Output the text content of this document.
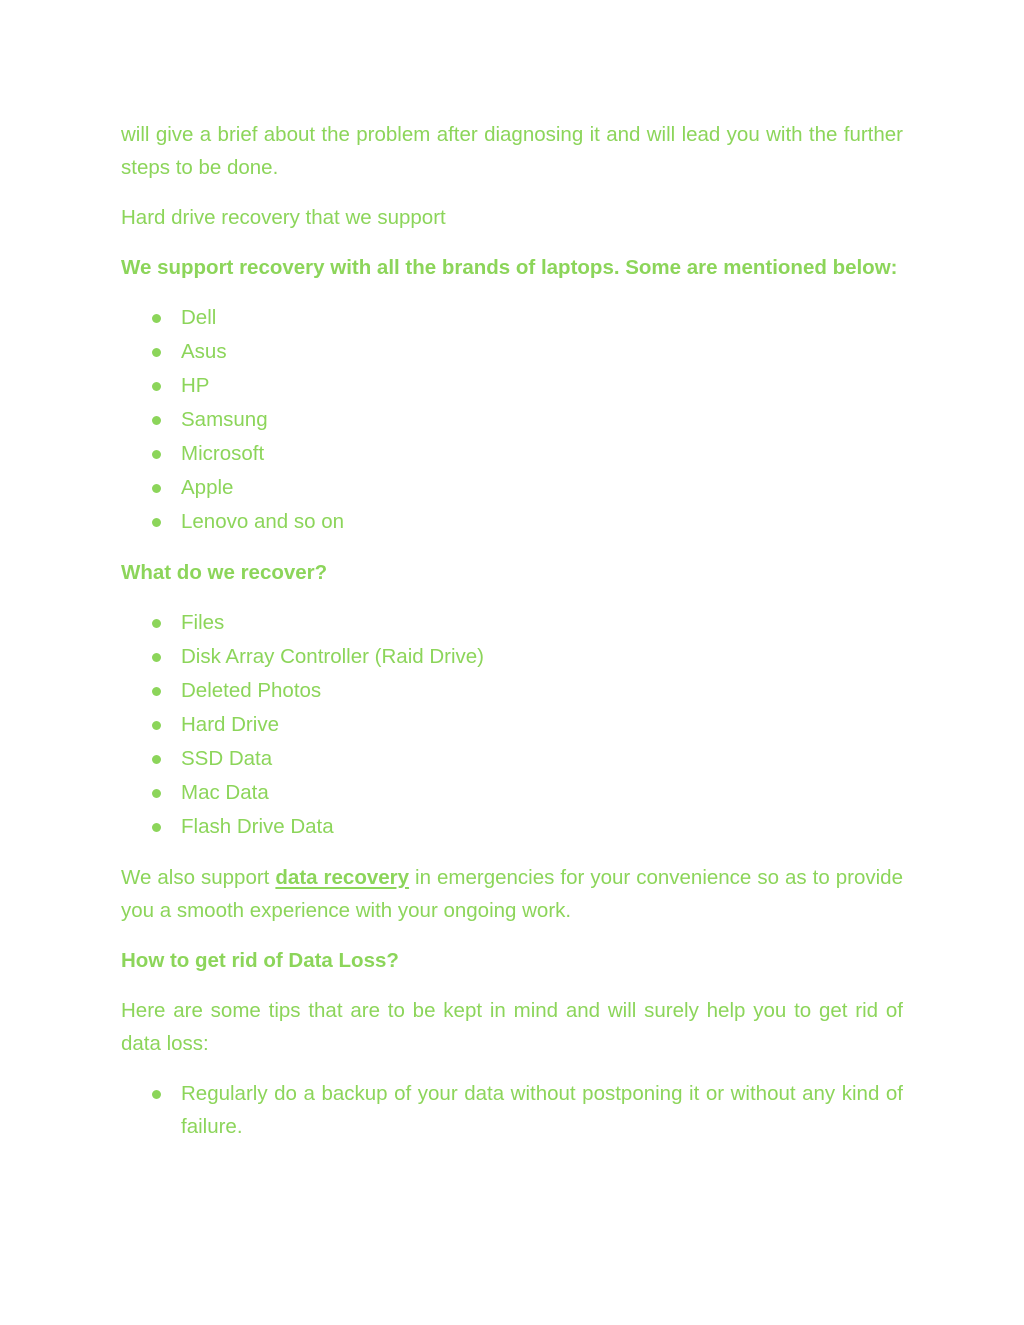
will give a brief about the problem after diagnosing it and will lead you with the further steps to be done.

Hard drive recovery that we support

We support recovery with all the brands of laptops. Some are mentioned below:

Dell
Asus
HP
Samsung
Microsoft
Apple
Lenovo and so on

What do we recover?

Files
Disk Array Controller (Raid Drive)
Deleted Photos
Hard Drive
SSD Data
Mac Data
Flash Drive Data

We also support data recovery in emergencies for your convenience so as to provide you a smooth experience with your ongoing work.

How to get rid of Data Loss?

Here are some tips that are to be kept in mind and will surely help you to get rid of data loss:

Regularly do a backup of your data without postponing it or without any kind of failure.
